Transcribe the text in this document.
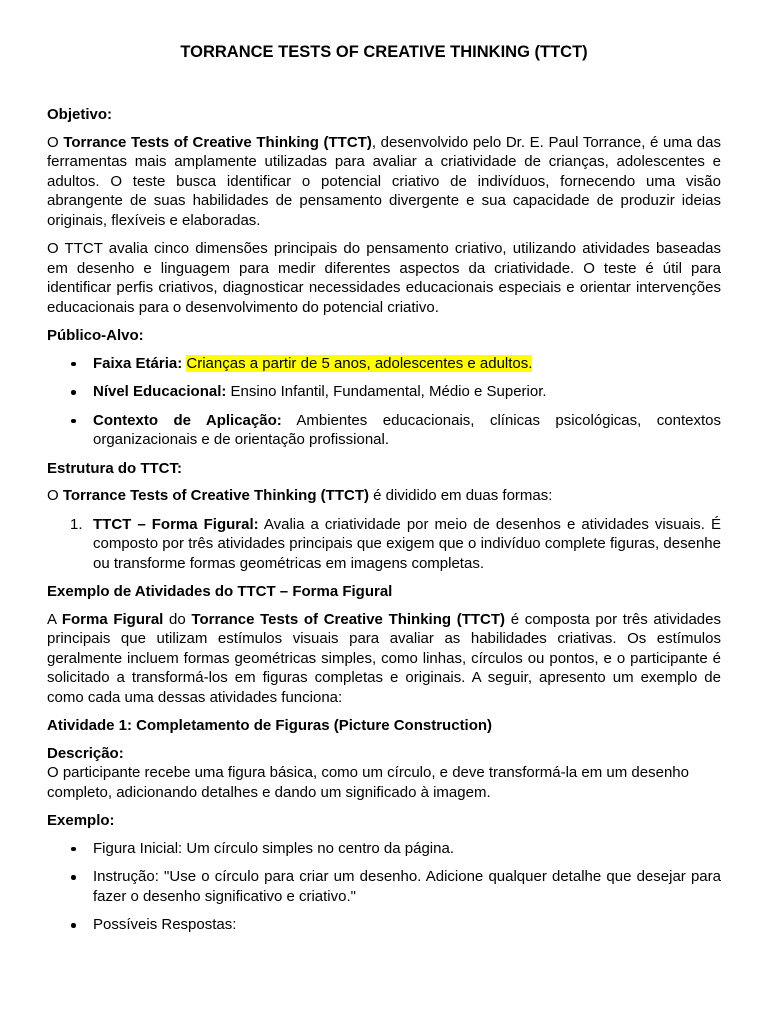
TORRANCE TESTS OF CREATIVE THINKING (TTCT)
Objetivo:

O Torrance Tests of Creative Thinking (TTCT), desenvolvido pelo Dr. E. Paul Torrance, é uma das ferramentas mais amplamente utilizadas para avaliar a criatividade de crianças, adolescentes e adultos. O teste busca identificar o potencial criativo de indivíduos, fornecendo uma visão abrangente de suas habilidades de pensamento divergente e sua capacidade de produzir ideias originais, flexíveis e elaboradas.

O TTCT avalia cinco dimensões principais do pensamento criativo, utilizando atividades baseadas em desenho e linguagem para medir diferentes aspectos da criatividade. O teste é útil para identificar perfis criativos, diagnosticar necessidades educacionais especiais e orientar intervenções educacionais para o desenvolvimento do potencial criativo.

Público-Alvo:
Faixa Etária: Crianças a partir de 5 anos, adolescentes e adultos.
Nível Educacional: Ensino Infantil, Fundamental, Médio e Superior.
Contexto de Aplicação: Ambientes educacionais, clínicas psicológicas, contextos organizacionais e de orientação profissional.
Estrutura do TTCT:

O Torrance Tests of Creative Thinking (TTCT) é dividido em duas formas:

1. TTCT – Forma Figural: Avalia a criatividade por meio de desenhos e atividades visuais. É composto por três atividades principais que exigem que o indivíduo complete figuras, desenhe ou transforme formas geométricas em imagens completas.
Exemplo de Atividades do TTCT – Forma Figural

A Forma Figural do Torrance Tests of Creative Thinking (TTCT) é composta por três atividades principais que utilizam estímulos visuais para avaliar as habilidades criativas. Os estímulos geralmente incluem formas geométricas simples, como linhas, círculos ou pontos, e o participante é solicitado a transformá-los em figuras completas e originais. A seguir, apresento um exemplo de como cada uma dessas atividades funciona:

Atividade 1: Completamento de Figuras (Picture Construction)
Descrição:

O participante recebe uma figura básica, como um círculo, e deve transformá-la em um desenho completo, adicionando detalhes e dando um significado à imagem.

Exemplo:
Figura Inicial: Um círculo simples no centro da página.
Instrução: "Use o círculo para criar um desenho. Adicione qualquer detalhe que desejar para fazer o desenho significativo e criativo."
Possíveis Respostas:
